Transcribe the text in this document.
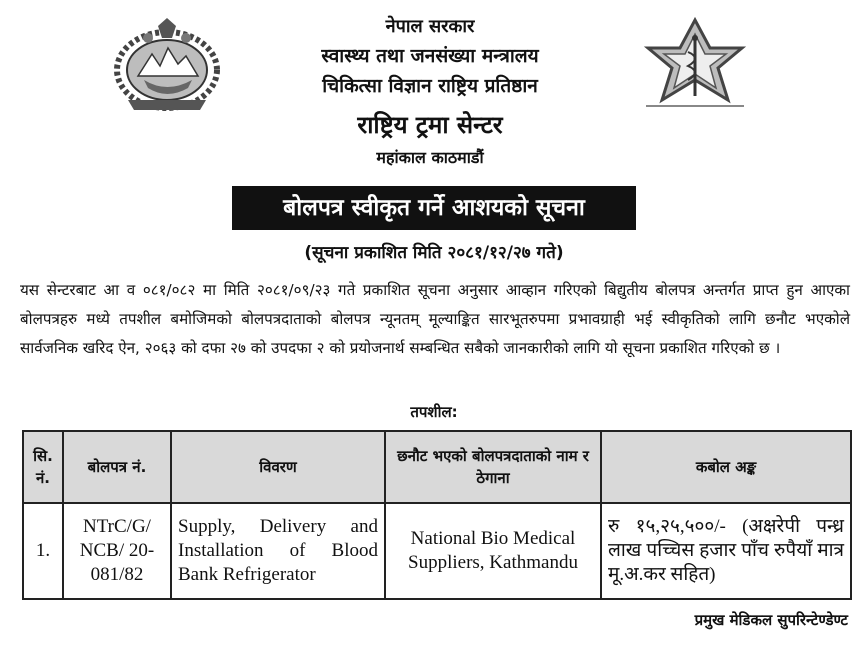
नेपाल सरकार
स्वास्थ्य तथा जनसंख्या मन्त्रालय
चिकित्सा विज्ञान राष्ट्रिय प्रतिष्ठान
राष्ट्रिय ट्रमा सेन्टर
महांकाल काठमाडौं
बोलपत्र स्वीकृत गर्ने आशयको सूचना
(सूचना प्रकाशित मिति २०८१/१२/२७ गते)

यस सेन्टरबाट आ व ०८१/०८२ मा मिति २०८१/०९/२३ गते प्रकाशित सूचना अनुसार आव्हान गरिएको बिद्युतीय बोलपत्र अन्तर्गत प्राप्त हुन आएका बोलपत्रहरु मध्ये तपशील बमोजिमको बोलपत्रदाताको बोलपत्र न्यूनतम् मूल्याङ्कित सारभूतरुपमा प्रभावग्राही भई स्वीकृतिको लागि छनौट भएकोले सार्वजनिक खरिद ऐन, २०६३ को दफा २७ को उपदफा २ को प्रयोजनार्थ सम्बन्धित सबैको जानकारीको लागि यो सूचना प्रकाशित गरिएको छ ।

तपशील:
सि. नं.	बोलपत्र नं.	विवरण	छनौट भएको बोलपत्रदाताको नाम र ठेगाना	कबोल अङ्क
1.	NTrC/G/ NCB/ 20-081/82	Supply, Delivery and Installation of Blood Bank Refrigerator	National Bio Medical Suppliers, Kathmandu	रु १५,२५,५००/- (अक्षरेपी पन्ध्र लाख पच्चिस हजार पाँच रुपैयाँ मात्र मू.अ.कर सहित)
प्रमुख मेडिकल सुपरिन्टेण्डेण्ट
